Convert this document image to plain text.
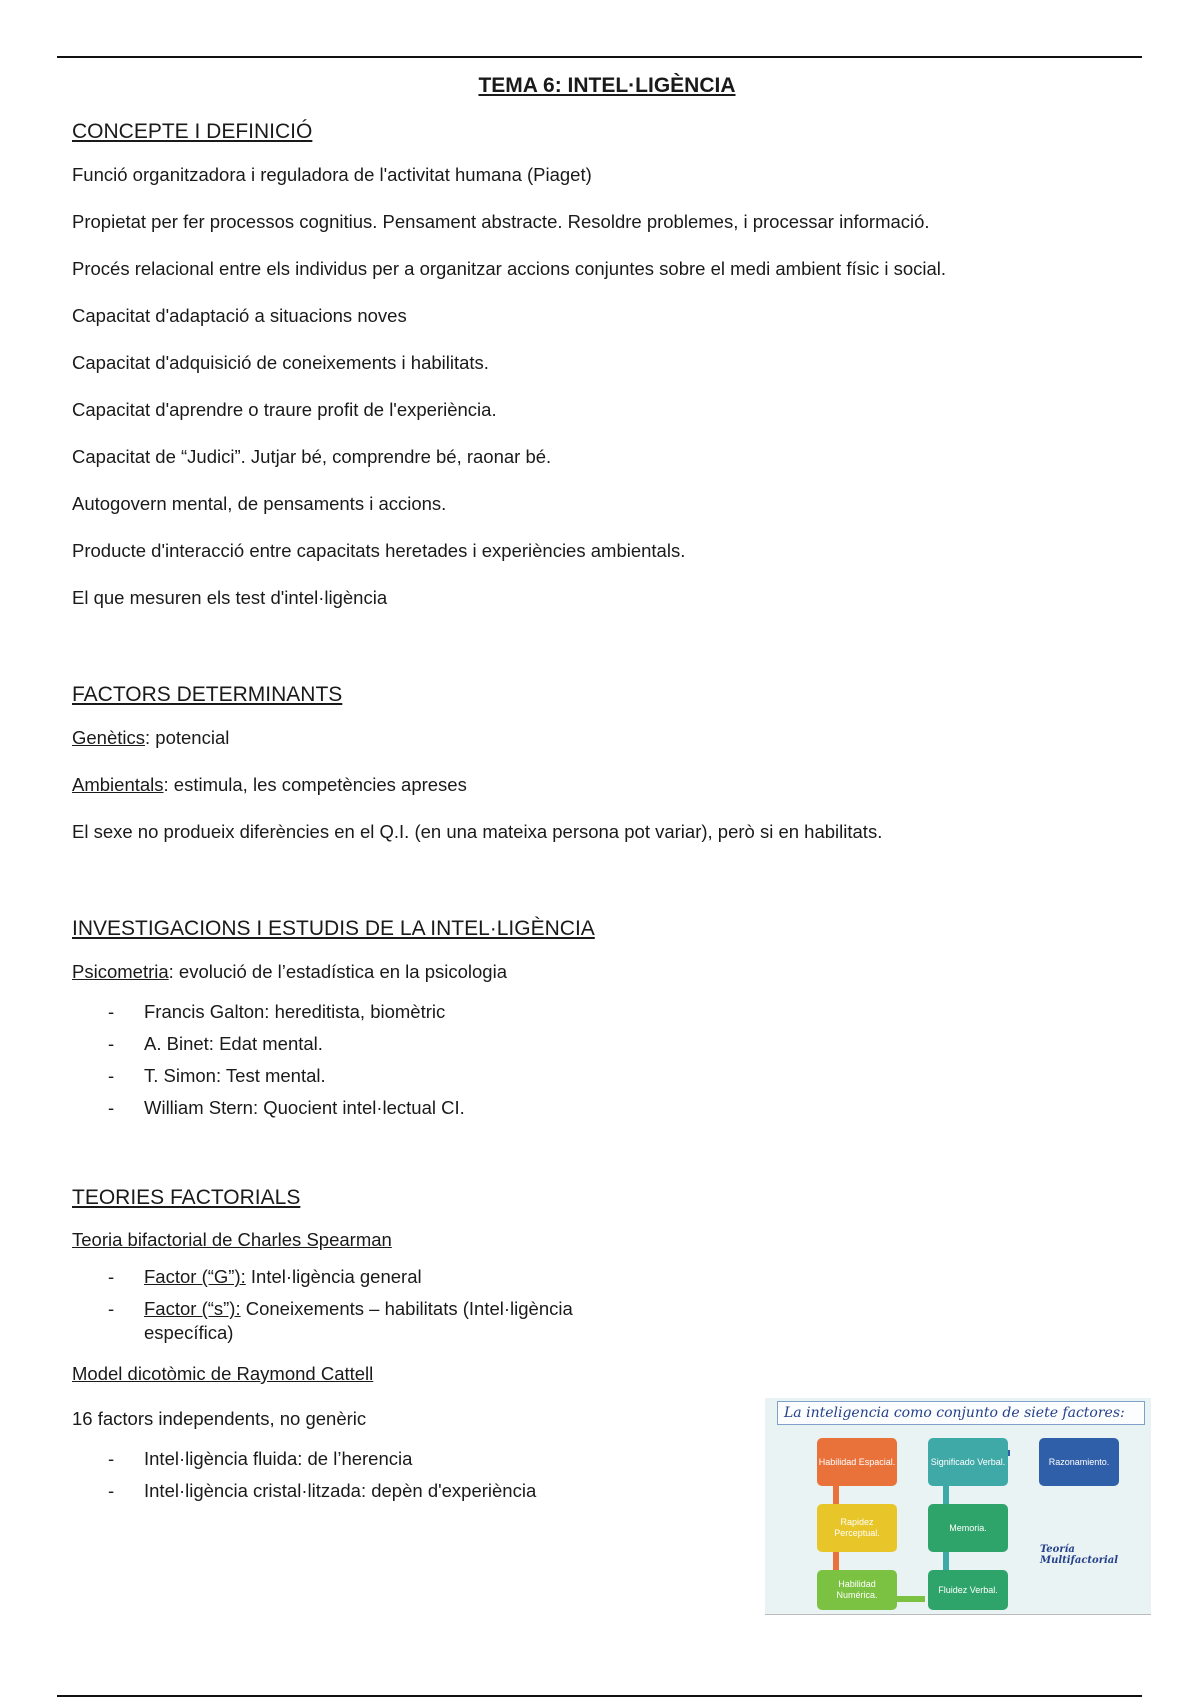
TEMA 6: INTEL·LIGÈNCIA
CONCEPTE I DEFINICIÓ
Funció organitzadora i reguladora de l'activitat humana (Piaget)
Propietat per fer processos cognitius. Pensament abstracte. Resoldre problemes, i processar informació.
Procés relacional entre els individus per a organitzar accions conjuntes sobre el medi ambient físic i social.
Capacitat d'adaptació a situacions noves
Capacitat d'adquisició de coneixements i habilitats.
Capacitat d'aprendre o traure profit de l'experiència.
Capacitat de “Judici”. Jutjar bé, comprendre bé, raonar bé.
Autogovern mental, de pensaments i accions.
Producte d'interacció entre capacitats heretades i experiències ambientals.
El que mesuren els test d'intel·ligència
FACTORS DETERMINANTS
Genètics: potencial
Ambientals: estimula, les competències apreses
El sexe no produeix diferències en el Q.I. (en una mateixa persona pot variar), però si en habilitats.
INVESTIGACIONS I ESTUDIS DE LA INTEL·LIGÈNCIA
Psicometria: evolució de l’estadística en la psicologia
- Francis Galton: hereditista, biomètric
- A. Binet: Edat mental.
- T. Simon: Test mental.
- William Stern: Quocient intel·lectual CI.
TEORIES FACTORIALS
Teoria bifactorial de Charles Spearman
- Factor (“G”): Intel·ligència general
- Factor (“s”): Coneixements – habilitats (Intel·ligència específica)
Model dicotòmic de Raymond Cattell
16 factors independents, no genèric
- Intel·ligència fluida: de l’herencia
- Intel·ligència cristal·litzada: depèn d'experiència
La inteligencia como conjunto de siete factores:
Habilidad Espacial.	Significado Verbal.	Razonamiento.
Rapidez Perceptual.
Memoria.
Habilidad Numérica.
Fluidez Verbal.
Teoría Multifactorial
